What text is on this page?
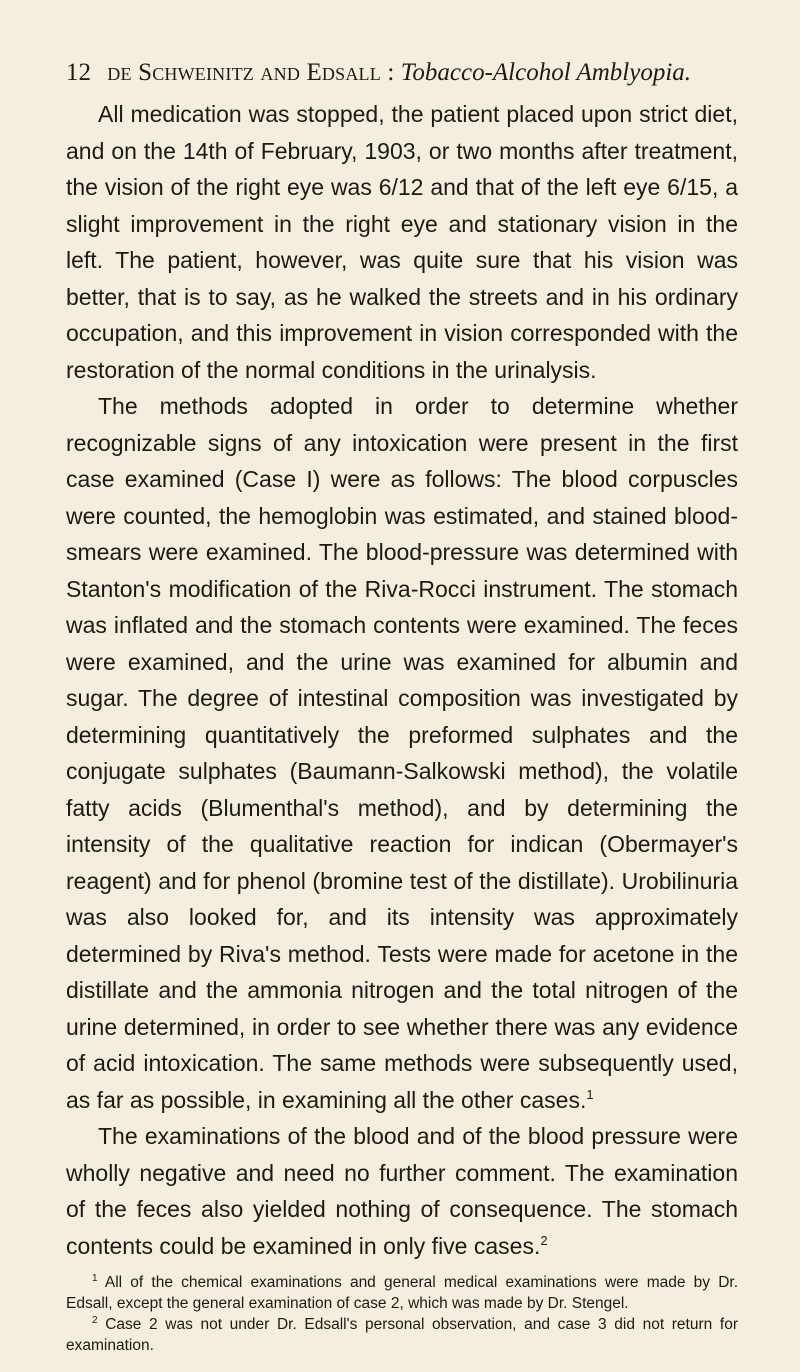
12 de Schweinitz and Edsall : Tobacco-Alcohol Amblyopia.

All medication was stopped, the patient placed upon strict diet, and on the 14th of February, 1903, or two months after treatment, the vision of the right eye was 6/12 and that of the left eye 6/15, a slight improvement in the right eye and stationary vision in the left. The patient, however, was quite sure that his vision was better, that is to say, as he walked the streets and in his ordinary occupation, and this improvement in vision corresponded with the restoration of the normal conditions in the urinalysis.

The methods adopted in order to determine whether recognizable signs of any intoxication were present in the first case examined (Case I) were as follows: The blood corpuscles were counted, the hemoglobin was estimated, and stained blood-smears were examined. The blood-pressure was determined with Stanton's modification of the Riva-Rocci instrument. The stomach was inflated and the stomach contents were examined. The feces were examined, and the urine was examined for albumin and sugar. The degree of intestinal composition was investigated by determining quantitatively the preformed sulphates and the conjugate sulphates (Baumann-Salkowski method), the volatile fatty acids (Blumenthal's method), and by determining the intensity of the qualitative reaction for indican (Obermayer's reagent) and for phenol (bromine test of the distillate). Urobilinuria was also looked for, and its intensity was approximately determined by Riva's method. Tests were made for acetone in the distillate and the ammonia nitrogen and the total nitrogen of the urine determined, in order to see whether there was any evidence of acid intoxication. The same methods were subsequently used, as far as possible, in examining all the other cases.$^1$

The examinations of the blood and of the blood pressure were wholly negative and need no further comment. The examination of the feces also yielded nothing of consequence. The stomach contents could be examined in only five cases.$^2$

$^1$ All of the chemical examinations and general medical examinations were made by Dr. Edsall, except the general examination of case 2, which was made by Dr. Stengel.

$^2$ Case 2 was not under Dr. Edsall's personal observation, and case 3 did not return for examination.
